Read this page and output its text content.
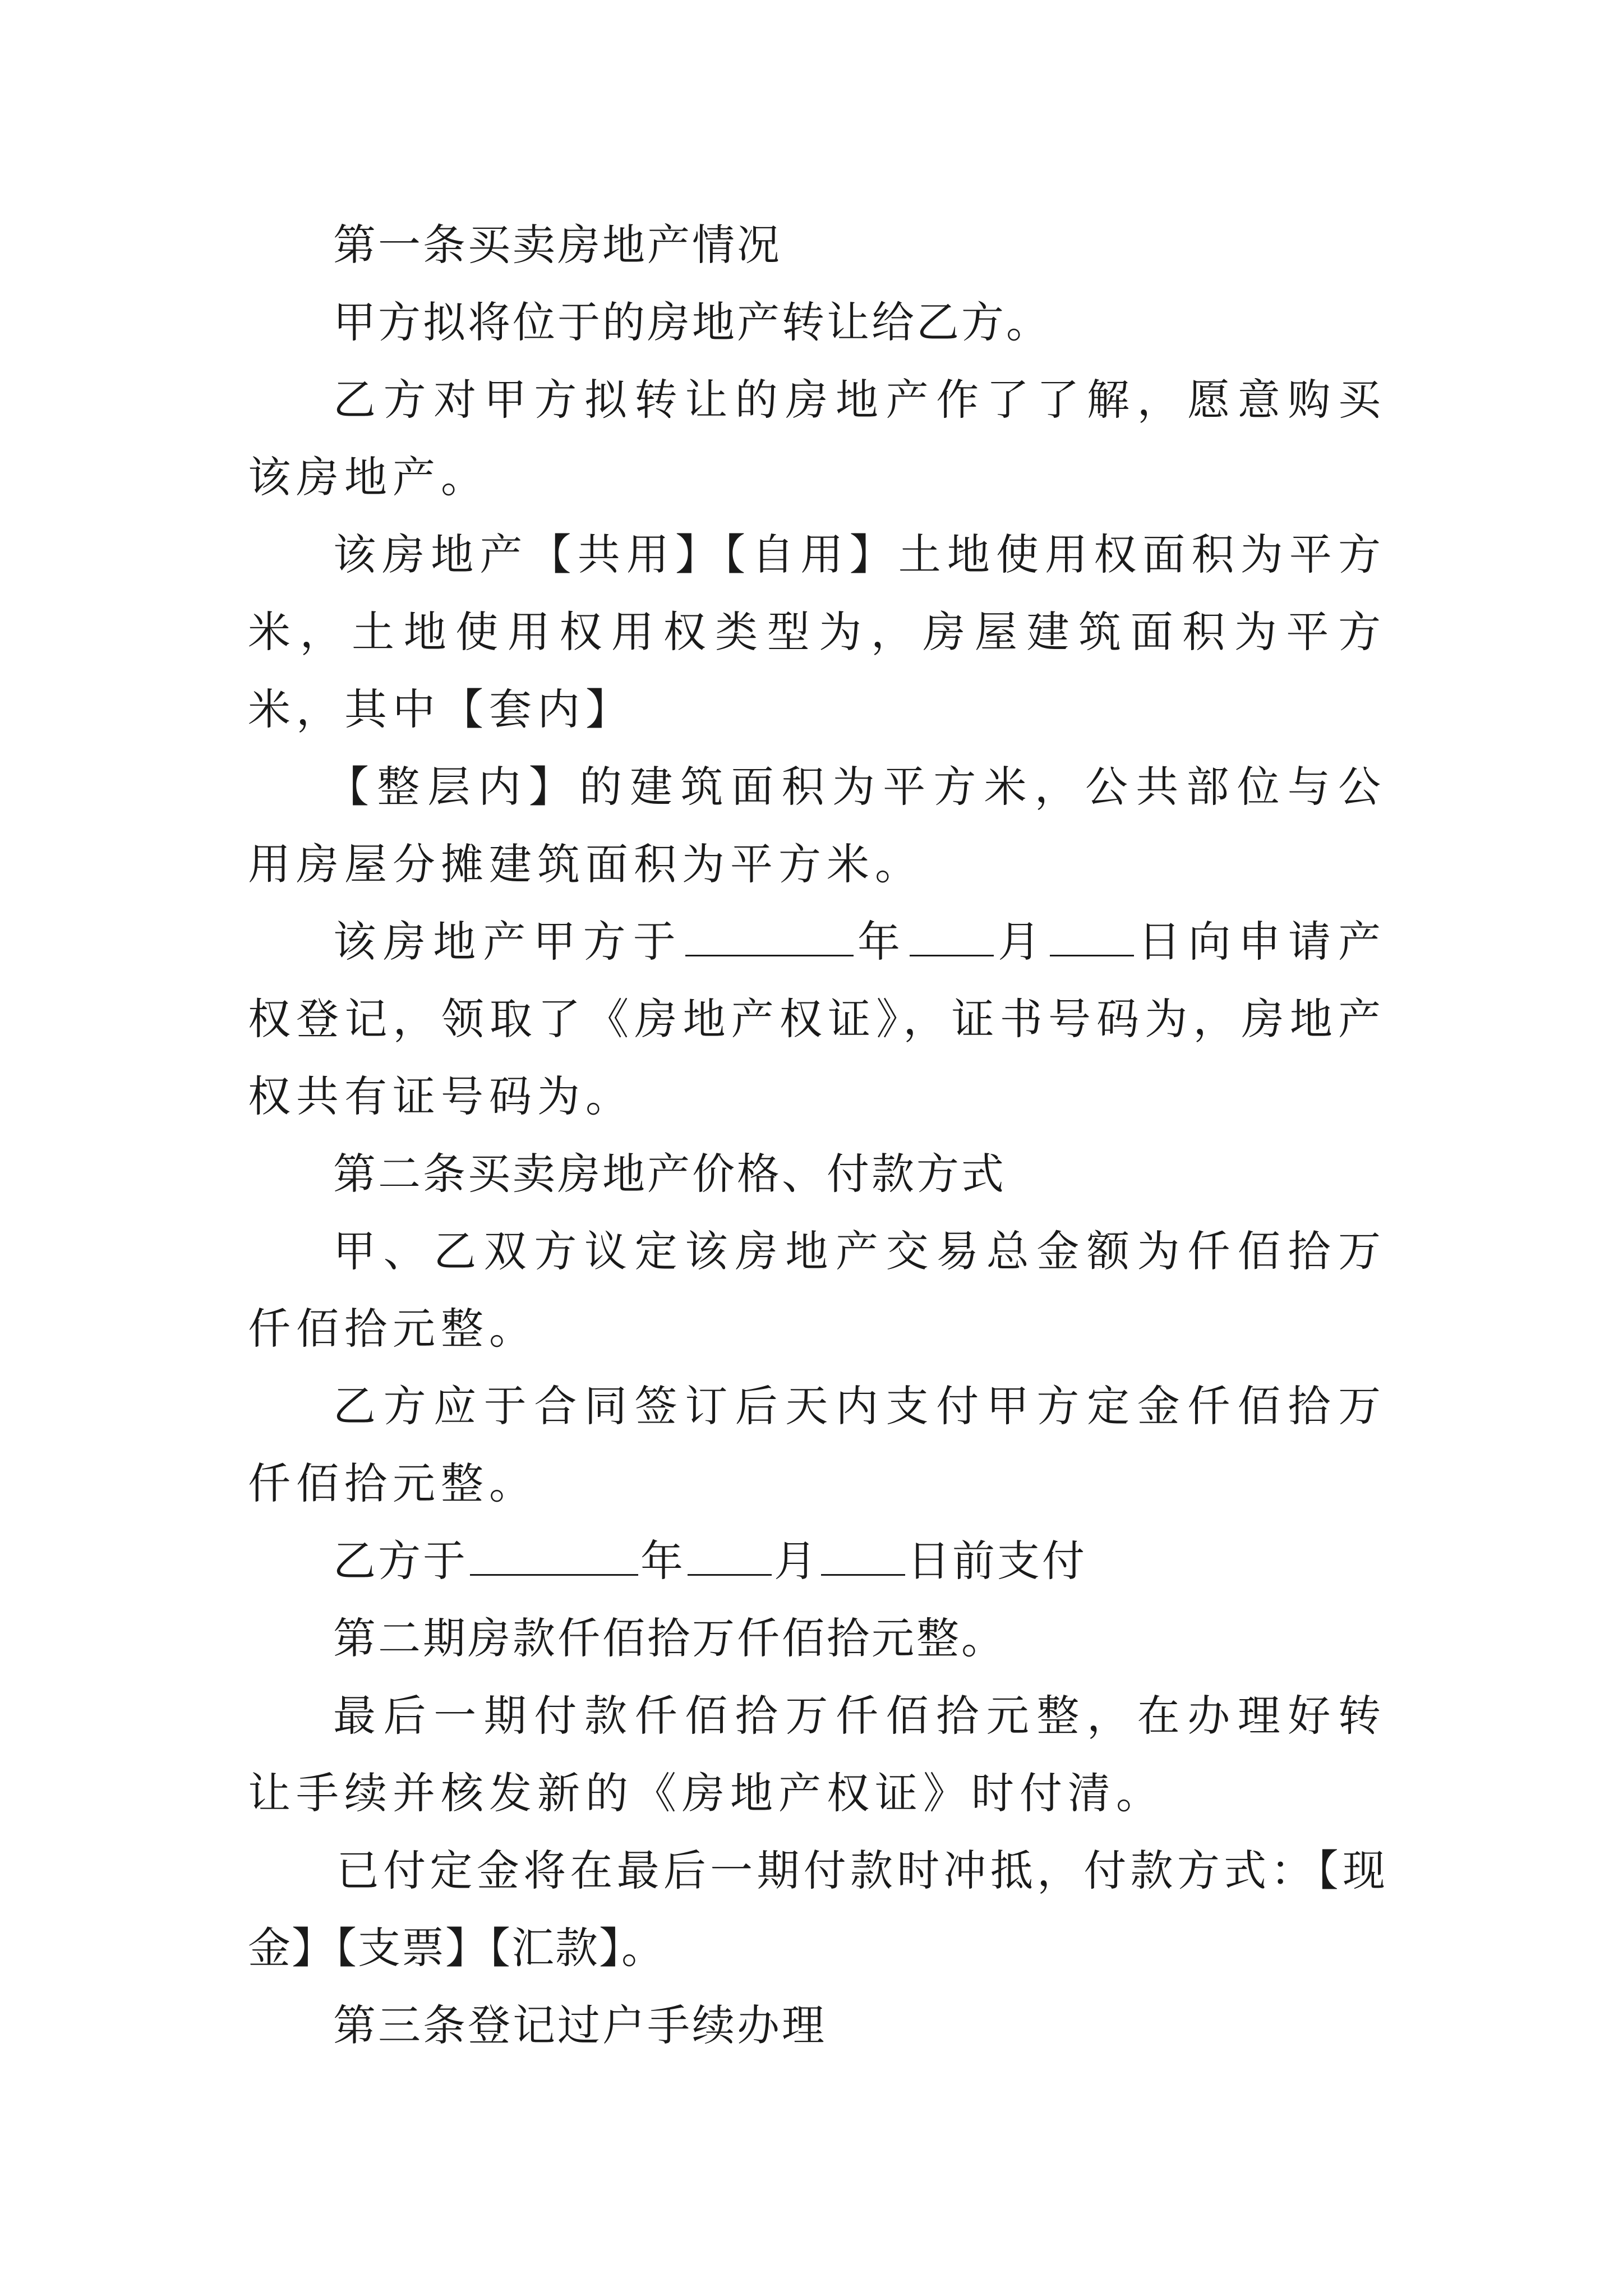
第一条买卖房地产情况

甲方拟将位于的房地产转让给乙方。

乙方对甲方拟转让的房地产作了了解，愿意购买该房地产。

该房地产【共用】【自用】土地使用权面积为平方米，土地使用权用权类型为，房屋建筑面积为平方米，其中【套内】

【整层内】的建筑面积为平方米，公共部位与公用房屋分摊建筑面积为平方米。

该房地产甲方于	年 月 日向申请产权登记，领取了《房地产权证》，证书号码为，房地产权共有证号码为。

第二条买卖房地产价格、付款方式

甲、乙双方议定该房地产交易总金额为仟佰拾万仟佰拾元整。

乙方应于合同签订后天内支付甲方定金仟佰拾万仟佰拾元整。

乙方于	年 月 日前支付

第二期房款仟佰拾万仟佰拾元整。

最后一期付款仟佰拾万仟佰拾元整，在办理好转让手续并核发新的《房地产权证》时付清。

已付定金将在最后一期付款时冲抵，付款方式：【现金】【支票】【汇款】。

第三条登记过户手续办理
